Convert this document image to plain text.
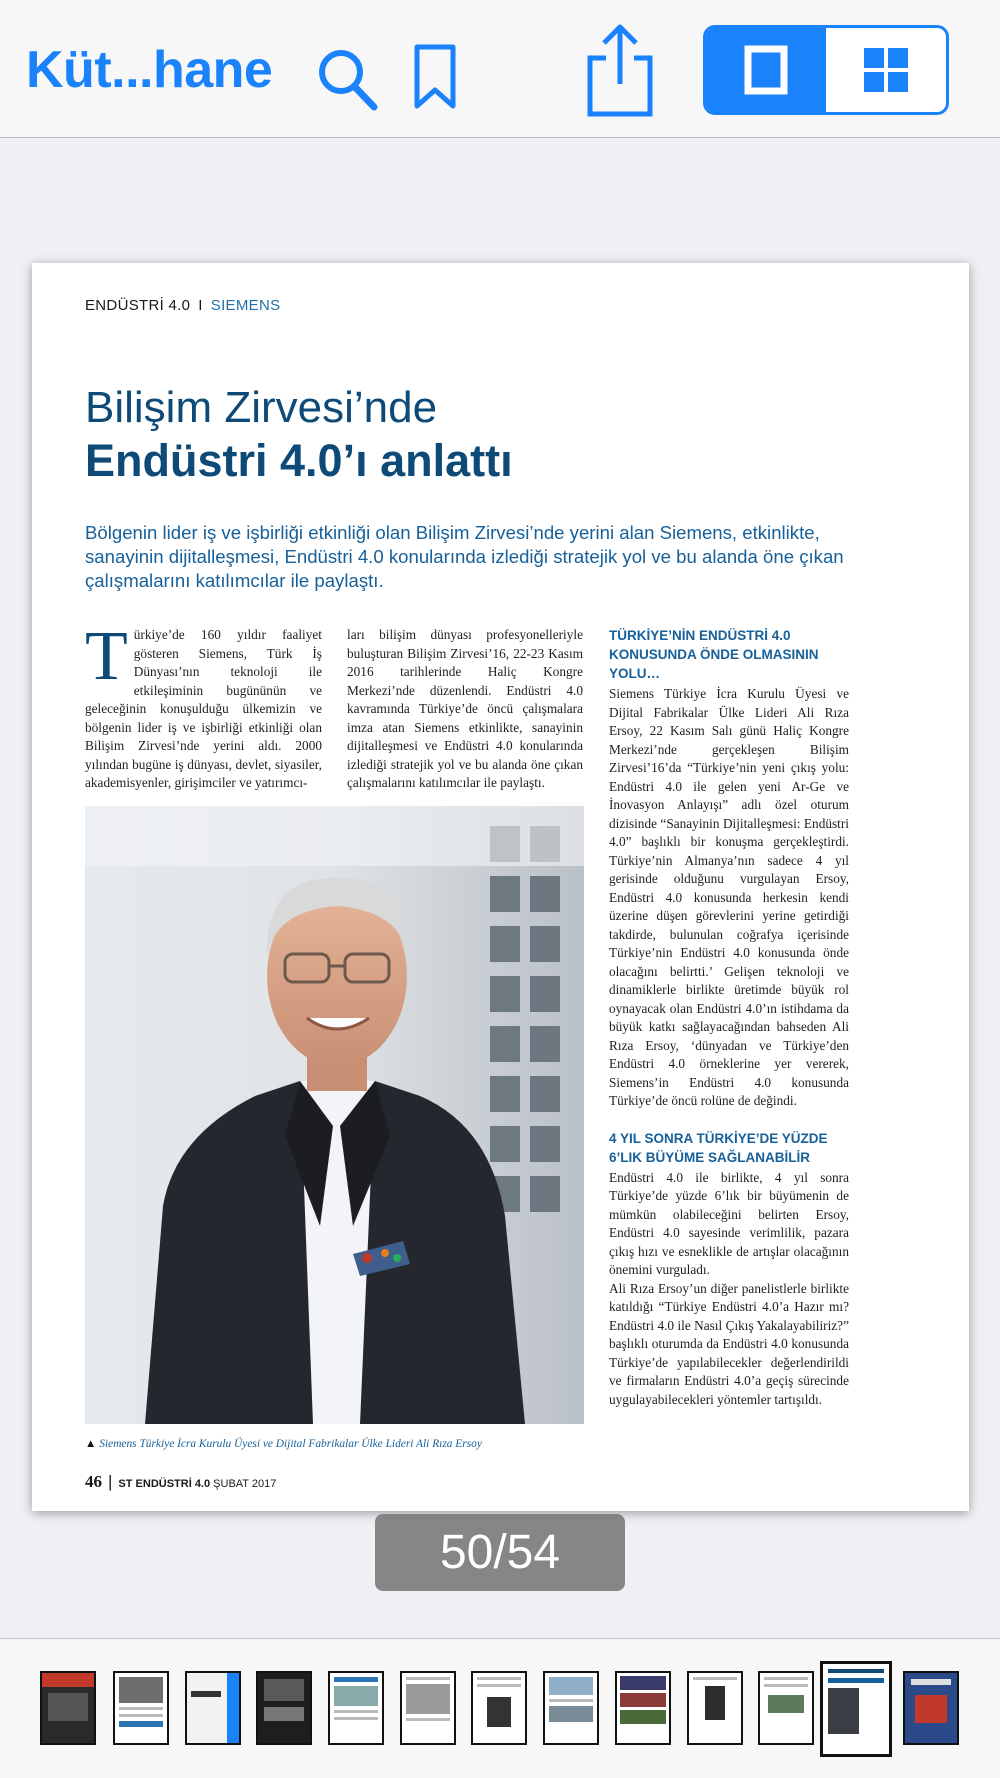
Küt...hane
ENDÜSTRİ 4.0 I SIEMENS
Bilişim Zirvesi’nde
Endüstri 4.0’ı anlattı
Bölgenin lider iş ve işbirliği etkinliği olan Bilişim Zirvesi’nde yerini alan Siemens, etkinlikte, sanayinin dijitalleşmesi, Endüstri 4.0 konularında izlediği stratejik yol ve bu alanda öne çıkan çalışmalarını katılımcılar ile paylaştı.
Türkiye’de 160 yıldır faaliyet gösteren Siemens, Türk İş Dünyası’nın teknoloji ile etkileşiminin bugününün ve geleceğinin konuşulduğu ülkemizin ve bölgenin lider iş ve işbirliği etkinliği olan Bilişim Zirvesi’nde yerini aldı. 2000 yılından bugüne iş dünyası, devlet, siyasiler, akademisyenler, girişimciler ve yatırımcı-
ları bilişim dünyası profesyonelleriyle buluşturan Bilişim Zirvesi’16, 22-23 Kasım 2016 tarihlerinde Haliç Kongre Merkezi’nde düzenlendi. Endüstri 4.0 kavramında Türkiye’de öncü çalışmalara imza atan Siemens etkinlikte, sanayinin dijitalleşmesi ve Endüstri 4.0 konularında izlediği stratejik yol ve bu alanda öne çıkan çalışmalarını katılımcılar ile paylaştı.
TÜRKİYE’NİN ENDÜSTRİ 4.0 KONUSUNDA ÖNDE OLMASININ YOLU…

Siemens Türkiye İcra Kurulu Üyesi ve Dijital Fabrikalar Ülke Lideri Ali Rıza Ersoy, 22 Kasım Salı günü Haliç Kongre Merkezi’nde gerçekleşen Bilişim Zirvesi’16’da “Türkiye’nin yeni çıkış yolu: Endüstri 4.0 ile gelen yeni Ar-Ge ve İnovasyon Anlayışı” adlı özel oturum dizisinde “Sanayinin Dijitalleşmesi: Endüstri 4.0” başlıklı bir konuşma gerçekleştirdi. Türkiye’nin Almanya’nın sadece 4 yıl gerisinde olduğunu vurgulayan Ersoy, Endüstri 4.0 konusunda herkesin kendi üzerine düşen görevlerini yerine getirdiği takdirde, bulunulan coğrafya içerisinde Türkiye’nin Endüstri 4.0 konusunda önde olacağını belirtti.’ Gelişen teknoloji ve dinamiklerle birlikte üretimde büyük rol oynayacak olan Endüstri 4.0’ın istihdama da büyük katkı sağlayacağından bahseden Ali Rıza Ersoy, ‘dünyadan ve Türkiye’den Endüstri 4.0 örneklerine yer vererek, Siemens’in Endüstri 4.0 konusunda Türkiye’de öncü rolüne de değindi.

4 YIL SONRA TÜRKİYE’DE YÜZDE 6’LIK BÜYÜME SAĞLANABİLİR

Endüstri 4.0 ile birlikte, 4 yıl sonra Türkiye’de yüzde 6’lık bir büyümenin de mümkün olabileceğini belirten Ersoy, Endüstri 4.0 sayesinde verimlilik, pazara çıkış hızı ve esneklikle de artışlar olacağının önemini vurguladı.

Ali Rıza Ersoy’un diğer panelistlerle birlikte katıldığı “Türkiye Endüstri 4.0’a Hazır mı? Endüstri 4.0 ile Nasıl Çıkış Yakalayabiliriz?” başlıklı oturumda da Endüstri 4.0 konusunda Türkiye’de yapılabilecekler değerlendirildi ve firmaların Endüstri 4.0’a geçiş sürecinde uygulayabilecekleri yöntemler tartışıldı.

▲ Siemens Türkiye İcra Kurulu Üyesi ve Dijital Fabrikalar Ülke Lideri Ali Rıza Ersoy
46 | ST ENDÜSTRİ 4.0 ŞUBAT 2017
50/54
